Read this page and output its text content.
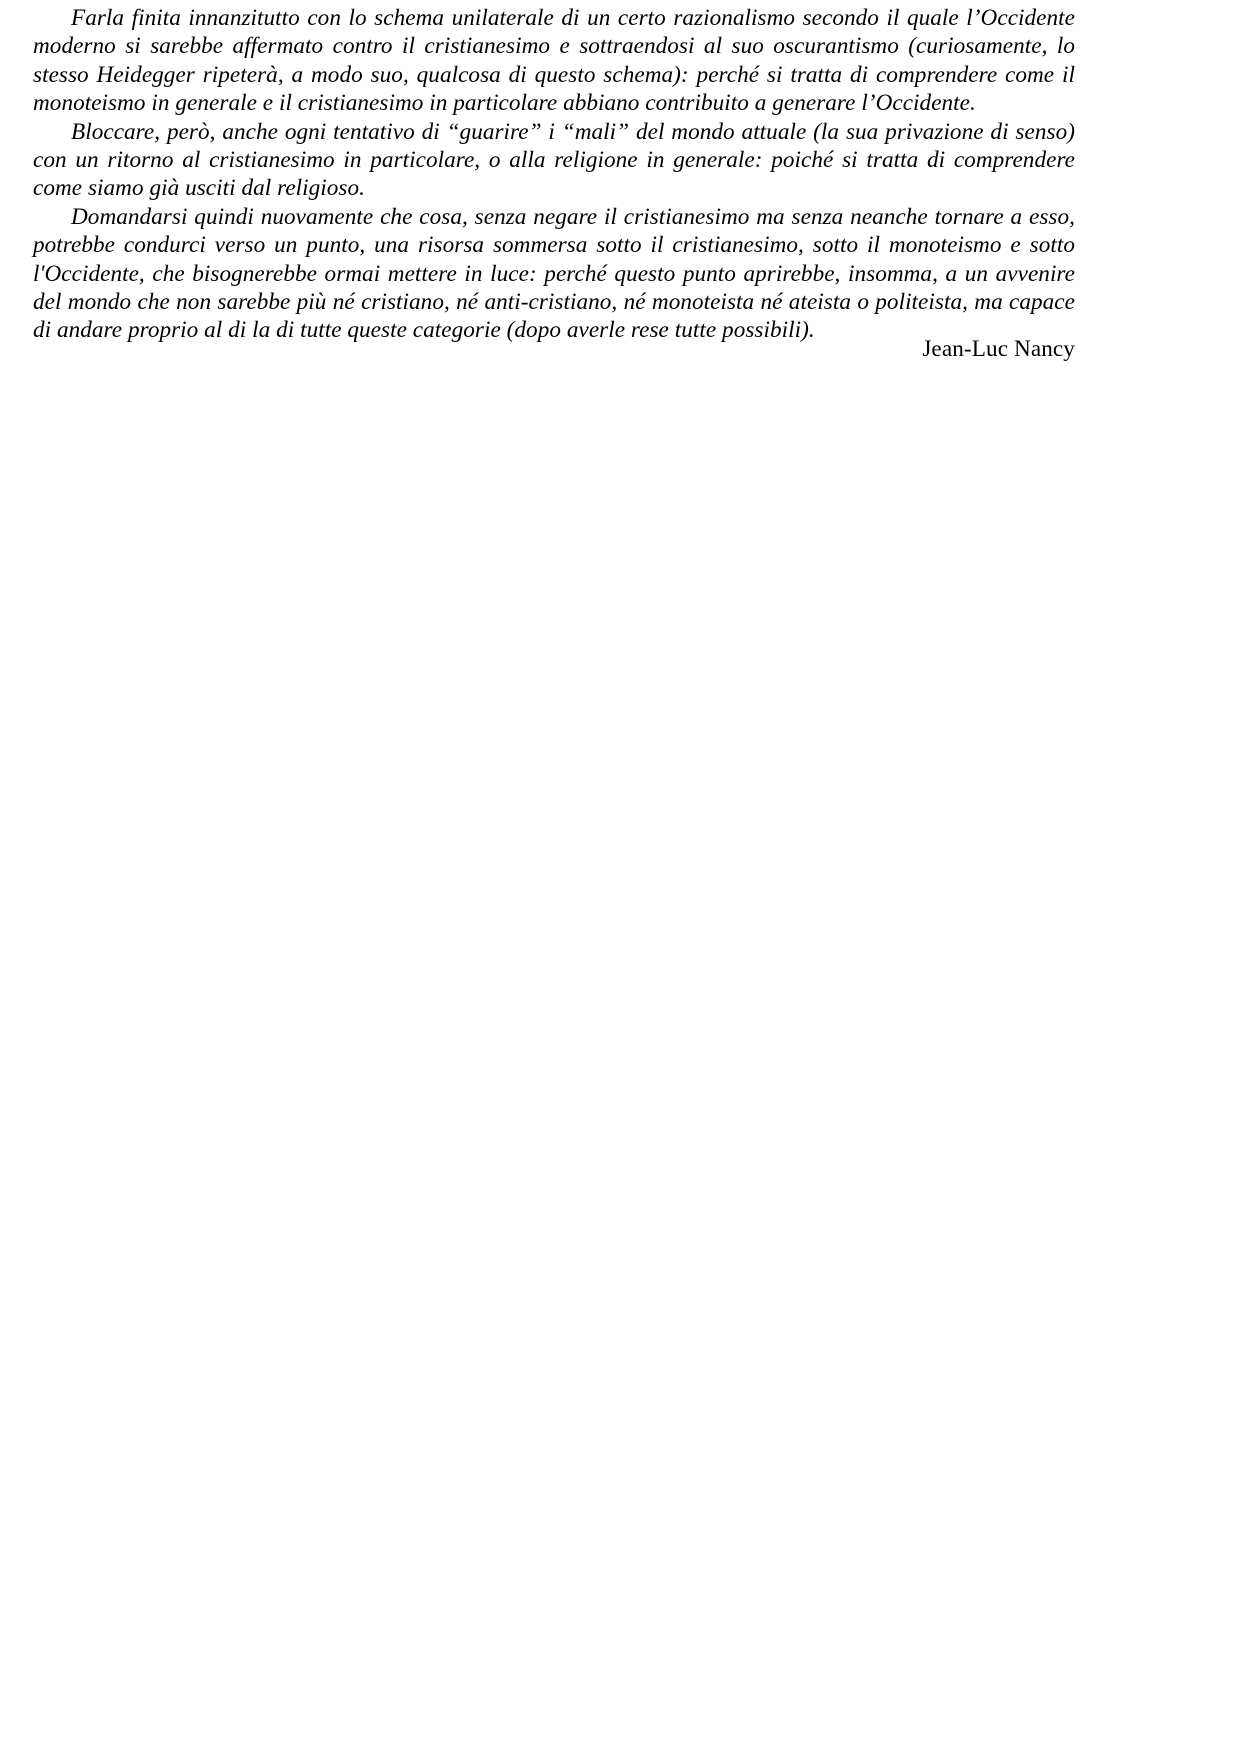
Farla finita innanzitutto con lo schema unilaterale di un certo razionalismo secondo il quale l’Occidente moderno si sarebbe affermato contro il cristianesimo e sottraendosi al suo oscurantismo (curiosamente, lo stesso Heidegger ripeterà, a modo suo, qualcosa di questo schema): perché si tratta di comprendere come il monoteismo in generale e il cristianesimo in particolare abbiano contribuito a generare l’Occidente.

Bloccare, però, anche ogni tentativo di “guarire” i “mali” del mondo attuale (la sua privazione di senso) con un ritorno al cristianesimo in particolare, o alla religione in generale: poiché si tratta di comprendere come siamo già usciti dal religioso.

Domandarsi quindi nuovamente che cosa, senza negare il cristianesimo ma senza neanche tornare a esso, potrebbe condurci verso un punto, una risorsa sommersa sotto il cristianesimo, sotto il monoteismo e sotto l'Occidente, che bisognerebbe ormai mettere in luce: perché questo punto aprirebbe, insomma, a un avvenire del mondo che non sarebbe più né cristiano, né anti-cristiano, né monoteista né ateista o politeista, ma capace di andare proprio al di la di tutte queste categorie (dopo averle rese tutte possibili).

Jean-Luc Nancy
